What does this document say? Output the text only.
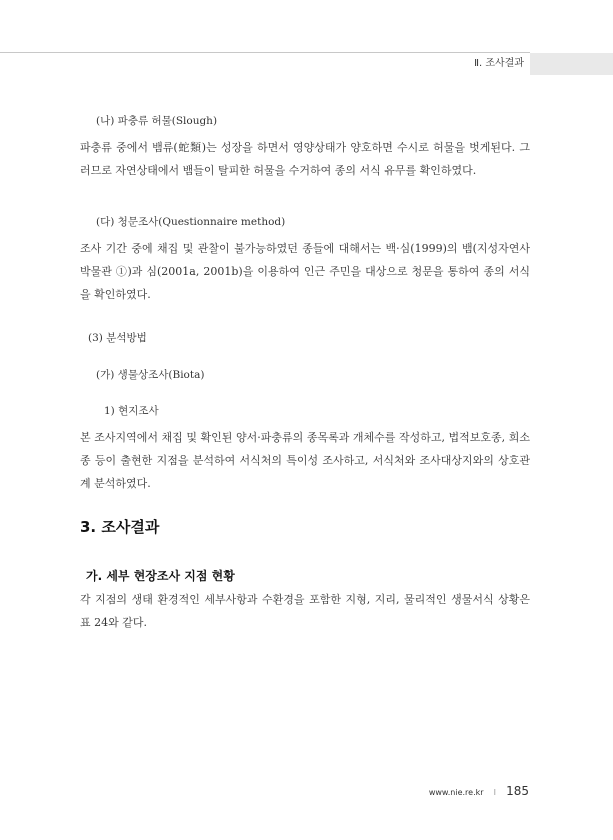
Ⅱ. 조사결과
(나) 파충류 허물(Slough)
파충류 중에서 뱀류(蛇類)는 성장을 하면서 영양상태가 양호하면 수시로 허물을 벗게된다. 그러므로 자연상태에서 뱀들이 탈피한 허물을 수거하여 종의 서식 유무를 확인하였다.
(다) 청문조사(Questionnaire method)
조사 기간 중에 채집 및 관찰이 불가능하였던 종들에 대해서는 백·심(1999)의 뱀(지성자연사박물관 ①)과 심(2001a, 2001b)을 이용하여 인근 주민을 대상으로 청문을 통하여 종의 서식을 확인하였다.
(3) 분석방법
(가) 생물상조사(Biota)
1) 현지조사
본 조사지역에서 채집 및 확인된 양서·파충류의 종목록과 개체수를 작성하고, 법적보호종, 희소종 등이 출현한 지점을 분석하여 서식처의 특이성 조사하고, 서식처와 조사대상지와의 상호관계 분석하였다.
3. 조사결과
가. 세부 현장조사 지점 현황
각 지점의 생태 환경적인 세부사항과 수환경을 포함한 지형, 지리, 물리적인 생물서식 상황은 표 24와 같다.
www.nie.re.kr I 185
